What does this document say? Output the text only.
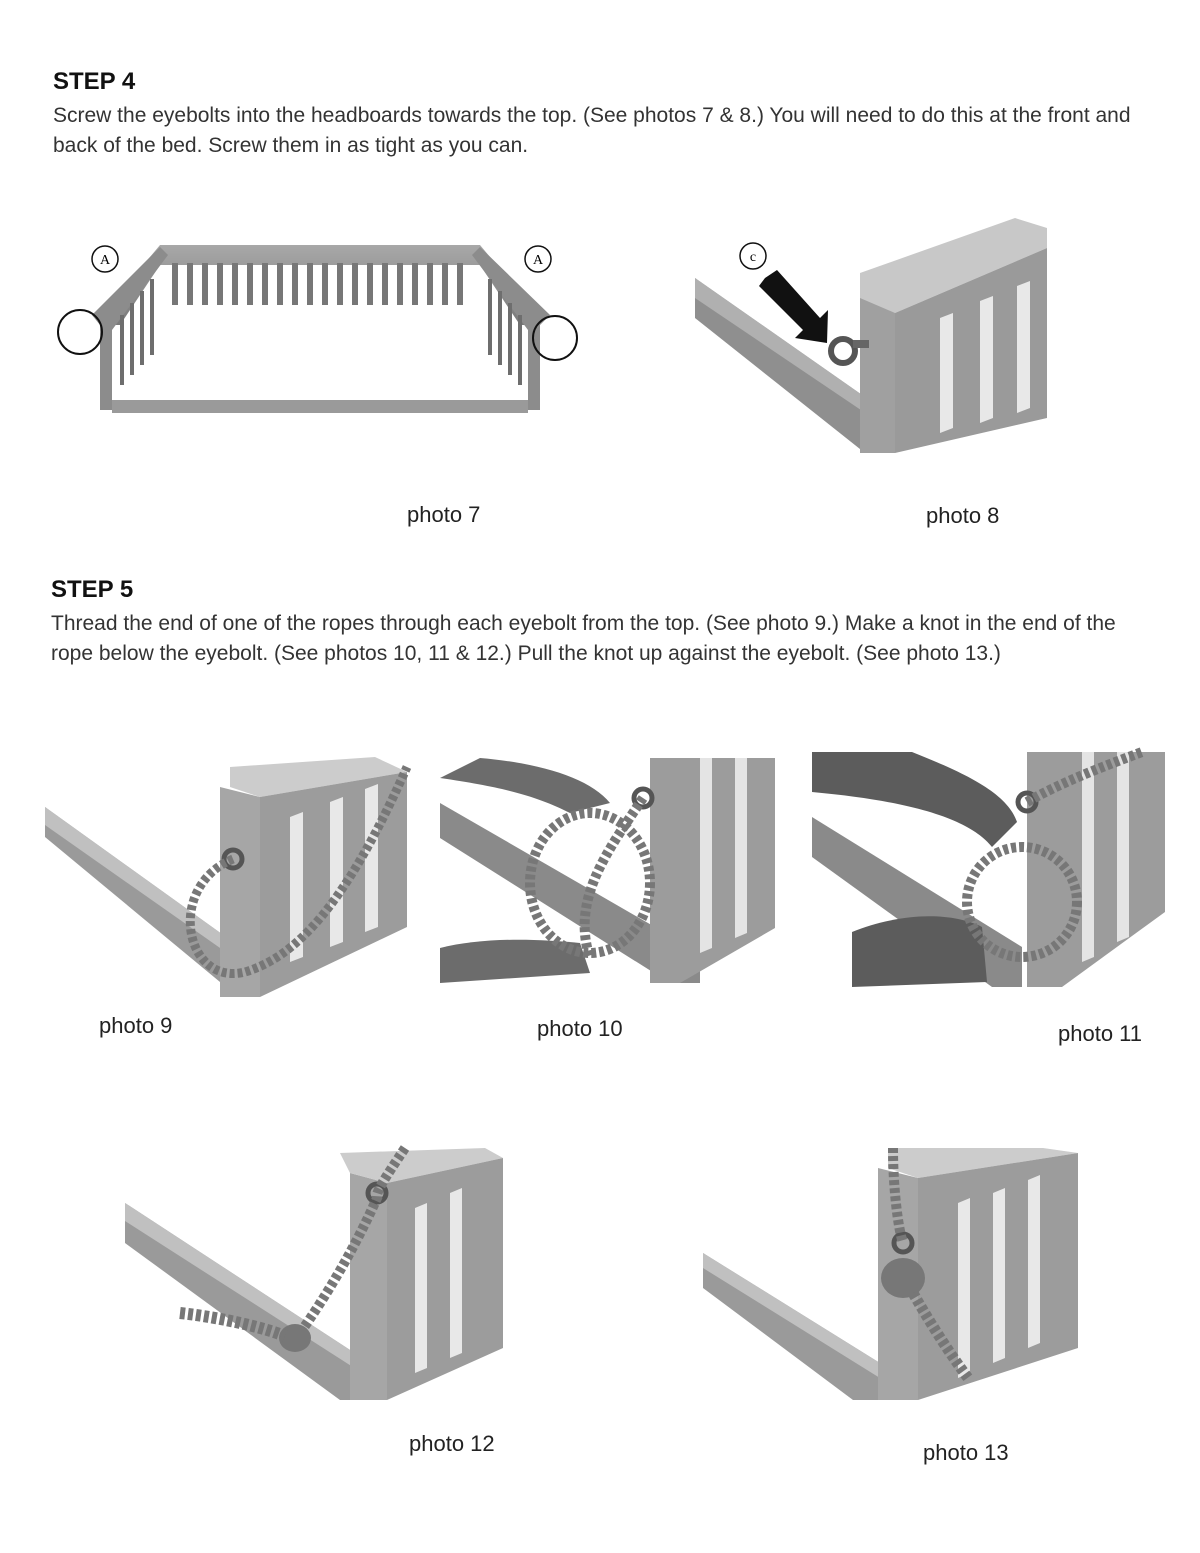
STEP 4

Screw the eyebolts into the headboards towards the top. (See photos 7 & 8.) You will need to do this at the front and back of the bed. Screw them in as tight as you can.

A	A
photo 7
c
photo 8
STEP 5

Thread the end of one of the ropes through each eyebolt from the top. (See photo 9.) Make a knot in the end of the rope below the eyebolt. (See photos 10, 11 & 12.) Pull the knot up against the eyebolt. (See photo 13.)

photo 9	photo 10	photo 11
photo 12	photo 13
